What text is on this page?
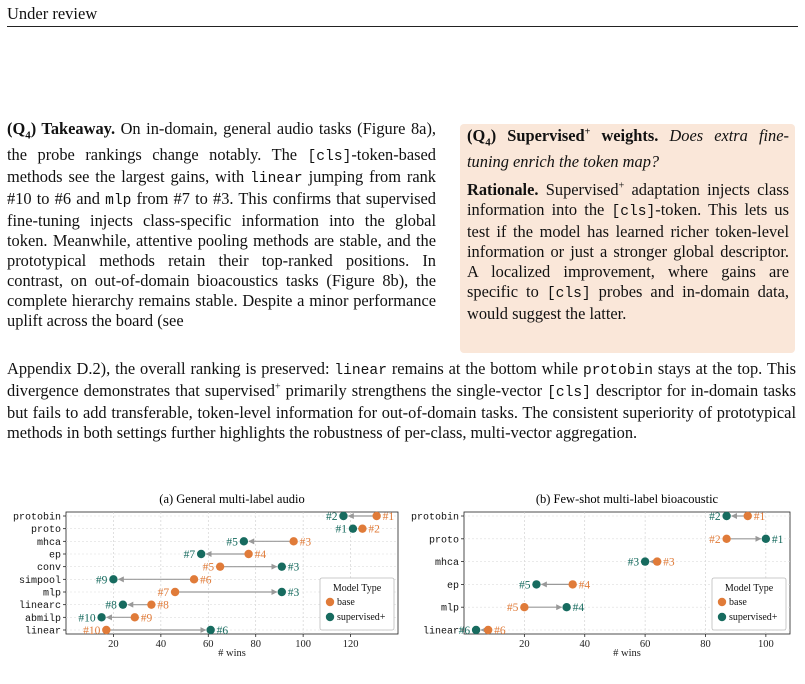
Under review
$(Q_4)$ Takeaway. On in-domain, general audio tasks (Figure 8a), the probe rankings change notably. The [cls]-token-based methods see the largest gains, with linear jumping from rank #10 to #6 and mlp from #7 to #3. This confirms that supervised fine-tuning injects class-specific information into the global token. Meanwhile, attentive pooling methods are stable, and the prototypical methods retain their top-ranked positions. In contrast, on out-of-domain bioacoustics tasks (Figure 8b), the complete hierarchy remains stable. Despite a minor performance uplift across the board (see
$(Q_4)$ Supervised+ weights. Does extra fine-tuning enrich the token map?
Rationale. Supervised+ adaptation injects class information into the [cls]-token. This lets us test if the model has learned richer token-level information or just a stronger global descriptor. A localized improvement, where gains are specific to [cls] probes and in-domain data, would suggest the latter.
Appendix D.2), the overall ranking is preserved: linear remains at the bottom while protobin stays at the top. This divergence demonstrates that supervised+ primarily strengthens the single-vector [cls] descriptor for in-domain tasks but fails to add transferable, token-level information for out-of-domain tasks. The consistent superiority of prototypical methods in both settings further highlights the robustness of per-class, multi-vector aggregation.
(a) General multi-label audio
20	40	60	80	100	120
# wins
protobin	#1
#2
proto	#2
#1
mhca	#3
#5
ep	#4
#7
conv	#5	#3
simpool	#6
#9
mlp	#7	#3
linearc	#8
#8
abmilp	#9
#10
linear #10	#6
Model Type
base
supervised+
(b) Few-shot multi-label bioacoustic
20	40	60	80	100
# wins
protobin	#1
#2
proto	#2	#1
mhca	#3
#3
ep	#4
#5
mlp	#5	#4
linear	#6
#6
Model Type
base
supervised+
